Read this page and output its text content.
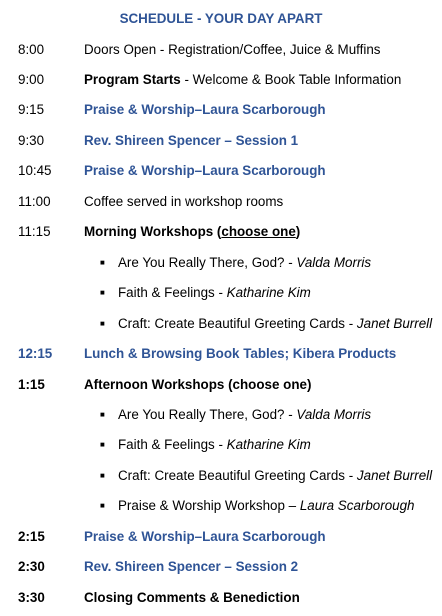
SCHEDULE - YOUR DAY APART
8:00	Doors Open - Registration/Coffee, Juice & Muffins
9:00	Program Starts - Welcome & Book Table Information
9:15	Praise & Worship–Laura Scarborough
9:30	Rev. Shireen Spencer – Session 1
10:45 Praise & Worship–Laura Scarborough
11:00 Coffee served in workshop rooms
11:15 Morning Workshops (choose one)
■ Are You Really There, God? - Valda Morris
■ Faith & Feelings - Katharine Kim
■ Craft: Create Beautiful Greeting Cards - Janet Burrell
12:15 Lunch & Browsing Book Tables; Kibera Products
1:15	Afternoon Workshops (choose one)
■ Are You Really There, God? - Valda Morris
■ Faith & Feelings - Katharine Kim
■ Craft: Create Beautiful Greeting Cards - Janet Burrell
■ Praise & Worship Workshop – Laura Scarborough
2:15	Praise & Worship–Laura Scarborough
2:30	Rev. Shireen Spencer – Session 2
3:30	Closing Comments & Benediction
